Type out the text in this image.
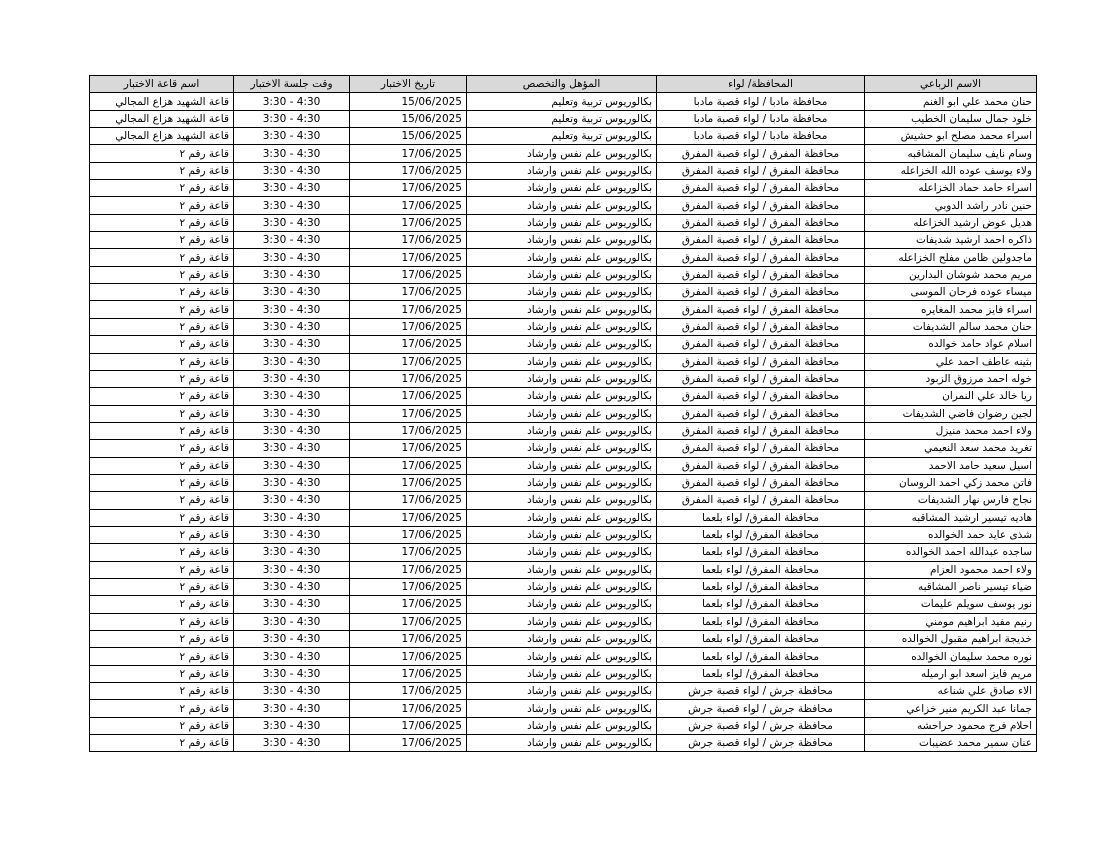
الاسم الرباعي	المحافظة/ لواء	المؤهل والتخصص	تاريخ الاختبار	وقت جلسة الاختبار	اسم قاعة الاختبار
حنان محمد علي ابو الغنم	محافظة مادبا / لواء قصبة مادبا	بكالوريوس تربية وتعليم	15/06/2025	3:30 - 4:30	قاعة الشهيد هزاع المجالي
خلود جمال سليمان الخطيب	محافظة مادبا / لواء قصبة مادبا	بكالوريوس تربية وتعليم	15/06/2025	3:30 - 4:30	قاعة الشهيد هزاع المجالي
اسراء محمد مصلح ابو حشيش	محافظة مادبا / لواء قصبة مادبا	بكالوريوس تربية وتعليم	15/06/2025	3:30 - 4:30	قاعة الشهيد هزاع المجالي
وسام نايف سليمان المشاقبه	محافظة المفرق / لواء قصبة المفرق	بكالوريوس علم نفس وارشاد	17/06/2025	3:30 - 4:30	قاعة رقم ٢
ولاء يوسف عوده الله الخزاعله	محافظة المفرق / لواء قصبة المفرق	بكالوريوس علم نفس وارشاد	17/06/2025	3:30 - 4:30	قاعة رقم ٢
اسراء حامد حماد الخزاعله	محافظة المفرق / لواء قصبة المفرق	بكالوريوس علم نفس وارشاد	17/06/2025	3:30 - 4:30	قاعة رقم ٢
حنين نادر راشد الدوبي	محافظة المفرق / لواء قصبة المفرق	بكالوريوس علم نفس وارشاد	17/06/2025	3:30 - 4:30	قاعة رقم ٢
هديل عوض ارشيد الخزاعله	محافظة المفرق / لواء قصبة المفرق	بكالوريوس علم نفس وارشاد	17/06/2025	3:30 - 4:30	قاعة رقم ٢
ذاكره احمد ارشيد شديفات	محافظة المفرق / لواء قصبة المفرق	بكالوريوس علم نفس وارشاد	17/06/2025	3:30 - 4:30	قاعة رقم ٢
ماجدولين ظامن مفلح الخزاعله	محافظة المفرق / لواء قصبة المفرق	بكالوريوس علم نفس وارشاد	17/06/2025	3:30 - 4:30	قاعة رقم ٢
مريم محمد شوشان البدارين	محافظة المفرق / لواء قصبة المفرق	بكالوريوس علم نفس وارشاد	17/06/2025	3:30 - 4:30	قاعة رقم ٢
ميساء عوده فرحان الموسى	محافظة المفرق / لواء قصبة المفرق	بكالوريوس علم نفس وارشاد	17/06/2025	3:30 - 4:30	قاعة رقم ٢
اسراء فايز محمد المغايره	محافظة المفرق / لواء قصبة المفرق	بكالوريوس علم نفس وارشاد	17/06/2025	3:30 - 4:30	قاعة رقم ٢
حنان محمد سالم الشديفات	محافظة المفرق / لواء قصبة المفرق	بكالوريوس علم نفس وارشاد	17/06/2025	3:30 - 4:30	قاعة رقم ٢
اسلام عواد حامد خوالده	محافظة المفرق / لواء قصبة المفرق	بكالوريوس علم نفس وارشاد	17/06/2025	3:30 - 4:30	قاعة رقم ٢
بثينه عاطف احمد علي	محافظة المفرق / لواء قصبة المفرق	بكالوريوس علم نفس وارشاد	17/06/2025	3:30 - 4:30	قاعة رقم ٢
خوله احمد مرزوق الزبود	محافظة المفرق / لواء قصبة المفرق	بكالوريوس علم نفس وارشاد	17/06/2025	3:30 - 4:30	قاعة رقم ٢
ريا خالد علي النمران	محافظة المفرق / لواء قصبة المفرق	بكالوريوس علم نفس وارشاد	17/06/2025	3:30 - 4:30	قاعة رقم ٢
لجين رضوان فاضي الشديفات	محافظة المفرق / لواء قصبة المفرق	بكالوريوس علم نفس وارشاد	17/06/2025	3:30 - 4:30	قاعة رقم ٢
ولاء احمد محمد منيزل	محافظة المفرق / لواء قصبة المفرق	بكالوريوس علم نفس وارشاد	17/06/2025	3:30 - 4:30	قاعة رقم ٢
تغريد محمد سعد النعيمي	محافظة المفرق / لواء قصبة المفرق	بكالوريوس علم نفس وارشاد	17/06/2025	3:30 - 4:30	قاعة رقم ٢
اسيل سعيد حامد الاحمد	محافظة المفرق / لواء قصبة المفرق	بكالوريوس علم نفس وارشاد	17/06/2025	3:30 - 4:30	قاعة رقم ٢
فاتن محمد زكي احمد الروسان	محافظة المفرق / لواء قصبة المفرق	بكالوريوس علم نفس وارشاد	17/06/2025	3:30 - 4:30	قاعة رقم ٢
نجاح فارس نهار الشديفات	محافظة المفرق / لواء قصبة المفرق	بكالوريوس علم نفس وارشاد	17/06/2025	3:30 - 4:30	قاعة رقم ٢
هاديه تيسير ارشيد المشاقبه	محافظة المفرق/ لواء بلعما	بكالوريوس علم نفس وارشاد	17/06/2025	3:30 - 4:30	قاعة رقم ٢
شذى عايد حمد الخوالده	محافظة المفرق/ لواء بلعما	بكالوريوس علم نفس وارشاد	17/06/2025	3:30 - 4:30	قاعة رقم ٢
ساجده عبدالله احمد الخوالده	محافظة المفرق/ لواء بلعما	بكالوريوس علم نفس وارشاد	17/06/2025	3:30 - 4:30	قاعة رقم ٢
ولاء احمد محمود العزام	محافظة المفرق/ لواء بلعما	بكالوريوس علم نفس وارشاد	17/06/2025	3:30 - 4:30	قاعة رقم ٢
ضياء تيسير ناصر المشاقبه	محافظة المفرق/ لواء بلعما	بكالوريوس علم نفس وارشاد	17/06/2025	3:30 - 4:30	قاعة رقم ٢
نور يوسف سويلم عليمات	محافظة المفرق/ لواء بلعما	بكالوريوس علم نفس وارشاد	17/06/2025	3:30 - 4:30	قاعة رقم ٢
رنيم مفيد ابراهيم مومني	محافظة المفرق/ لواء بلعما	بكالوريوس علم نفس وارشاد	17/06/2025	3:30 - 4:30	قاعة رقم ٢
خديجة ابراهيم مقبول الخوالده	محافظة المفرق/ لواء بلعما	بكالوريوس علم نفس وارشاد	17/06/2025	3:30 - 4:30	قاعة رقم ٢
نوره محمد سليمان الخوالده	محافظة المفرق/ لواء بلعما	بكالوريوس علم نفس وارشاد	17/06/2025	3:30 - 4:30	قاعة رقم ٢
مريم فايز اسعد ابو ارميله	محافظة المفرق/ لواء بلعما	بكالوريوس علم نفس وارشاد	17/06/2025	3:30 - 4:30	قاعة رقم ٢
الاء صادق علي شناعه	محافظة جرش / لواء قصبة جرش	بكالوريوس علم نفس وارشاد	17/06/2025	3:30 - 4:30	قاعة رقم ٢
جمانا عبد الكريم منير خزاعي	محافظة جرش / لواء قصبة جرش	بكالوريوس علم نفس وارشاد	17/06/2025	3:30 - 4:30	قاعة رقم ٢
احلام فرج محمود حراحشه	محافظة جرش / لواء قصبة جرش	بكالوريوس علم نفس وارشاد	17/06/2025	3:30 - 4:30	قاعة رقم ٢
عنان سمير محمد عضيبات	محافظة جرش / لواء قصبة جرش	بكالوريوس علم نفس وارشاد	17/06/2025	3:30 - 4:30	قاعة رقم ٢
